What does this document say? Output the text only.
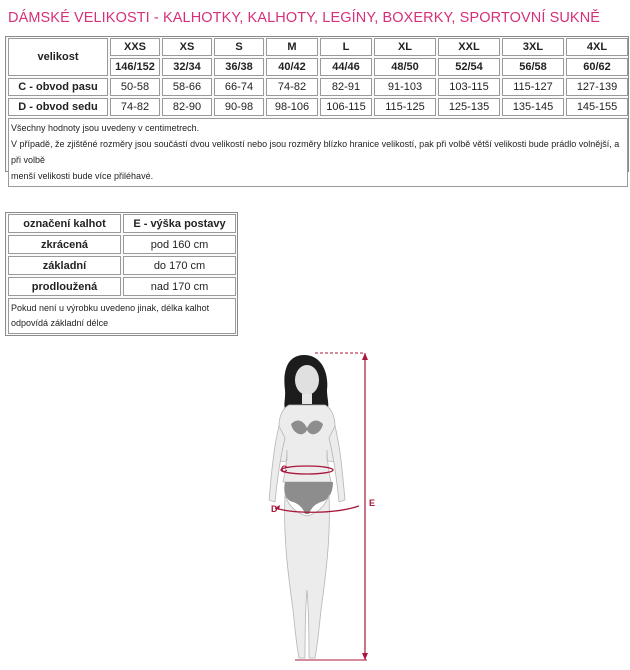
DÁMSKÉ VELIKOSTI - KALHOTKY, KALHOTY, LEGÍNY, BOXERKY, SPORTOVNÍ SUKNĚ
velikost	XXS	XS	S	M	L	XL	XXL	3XL	4XL
	146/152	32/34	36/38	40/42	44/46	48/50	52/54	56/58	60/62
C - obvod pasu	50-58	58-66	66-74	74-82	82-91	91-103	103-115	115-127	127-139
D - obvod sedu	74-82	82-90	90-98	98-106	106-115	115-125	125-135	135-145	145-155

Všechny hodnoty jsou uvedeny v centimetrech.
V případě, že zjištěné rozměry jsou součástí dvou velikostí nebo jsou rozměry blízko hranice velikostí, pak při volbě větší velikosti bude prádlo volnější, a při volbě
menší velikosti bude více přiléhavé.									
označení kalhot	E - výška postavy
zkrácená	pod 160 cm
základní	do 170 cm
prodloužená	nad 170 cm

Pokud není u výrobku uvedeno jinak, délka kalhot
odpovídá základní délce	
C
D
E
